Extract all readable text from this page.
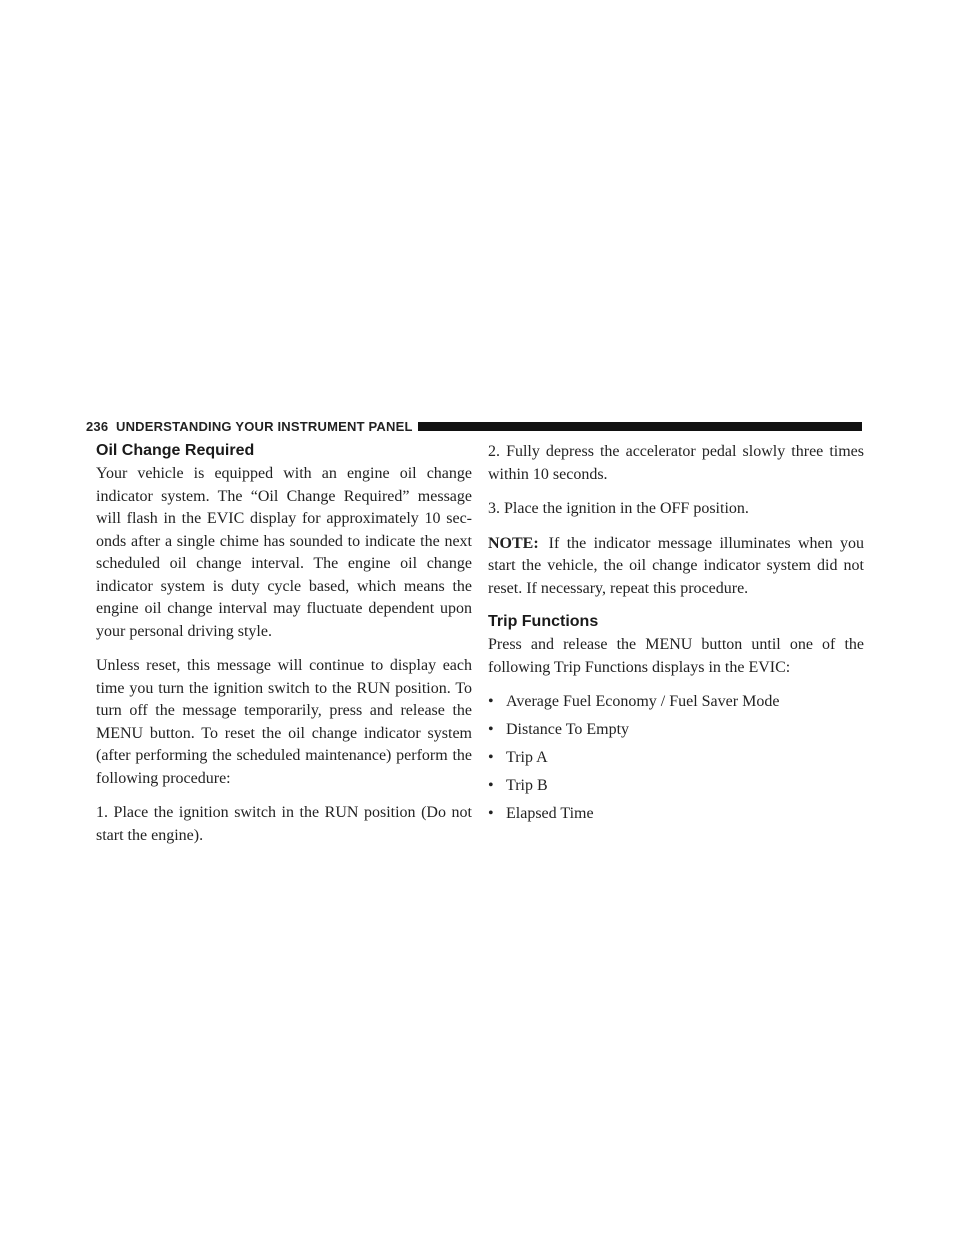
236 UNDERSTANDING YOUR INSTRUMENT PANEL
Oil Change Required

Your vehicle is equipped with an engine oil change indicator system. The “Oil Change Required” message will flash in the EVIC display for approximately 10 sec-onds after a single chime has sounded to indicate the next scheduled oil change interval. The engine oil change indicator system is duty cycle based, which means the engine oil change interval may fluctuate dependent upon your personal driving style.

Unless reset, this message will continue to display each time you turn the ignition switch to the RUN position. To turn off the message temporarily, press and release the MENU button. To reset the oil change indicator system (after performing the scheduled maintenance) perform the following procedure:

1. Place the ignition switch in the RUN position (Do not start the engine).

2. Fully depress the accelerator pedal slowly three times within 10 seconds.

3. Place the ignition in the OFF position.

NOTE: If the indicator message illuminates when you start the vehicle, the oil change indicator system did not reset. If necessary, repeat this procedure.

Trip Functions

Press and release the MENU button until one of the following Trip Functions displays in the EVIC:

• Average Fuel Economy / Fuel Saver Mode
• Distance To Empty
• Trip A
• Trip B
• Elapsed Time
